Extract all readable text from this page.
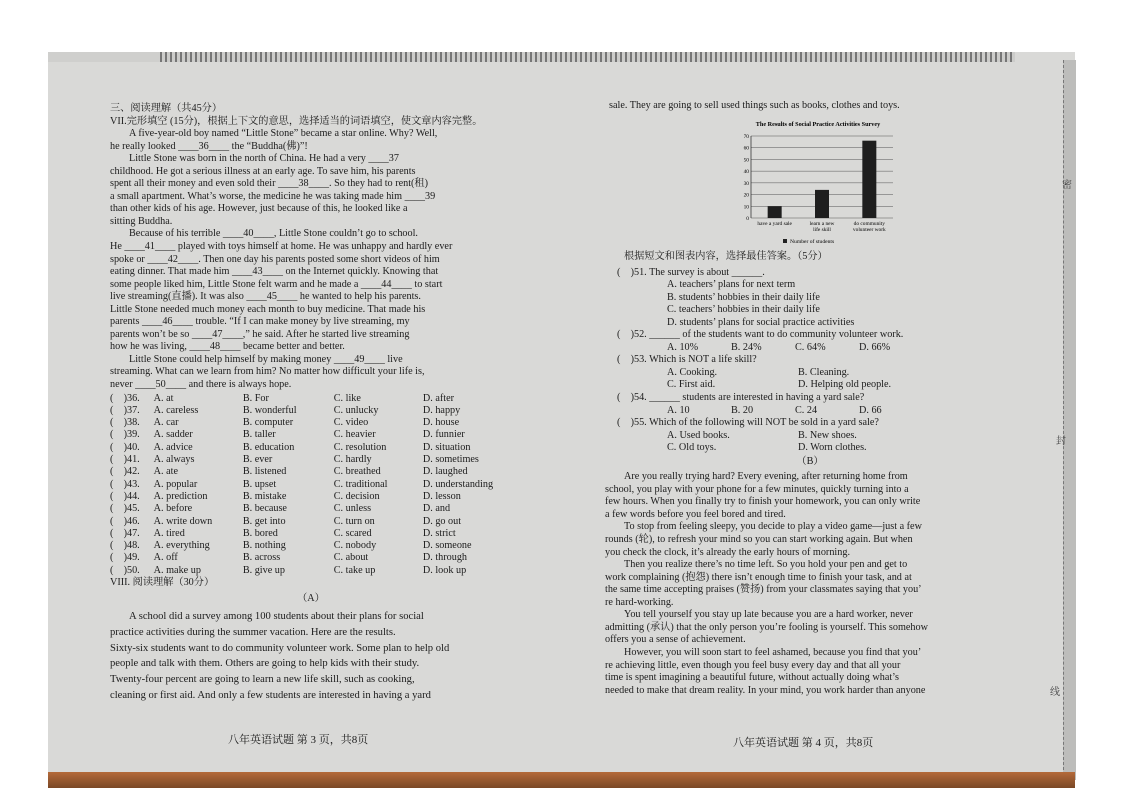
三、阅读理解（共45分）

VII.完形填空 (15分)，根据上下文的意思，选择适当的词语填空，使文章内容完整。

A five-year-old boy named “Little Stone” became a star online. Why? Well,

he really looked ____36____ the “Buddha(佛)”!

Little Stone was born in the north of China. He had a very ____37

childhood. He got a serious illness at an early age. To save him, his parents

spent all their money and even sold their ____38____. So they had to rent(租)

a small apartment. What’s worse, the medicine he was taking made him ____39

than other kids of his age. However, just because of this, he looked like a

sitting Buddha.

Because of his terrible ____40____, Little Stone couldn’t go to school.

He ____41____ played with toys himself at home. He was unhappy and hardly ever

spoke or ____42____. Then one day his parents posted some short videos of him

eating dinner. That made him ____43____ on the Internet quickly. Knowing that

some people liked him, Little Stone felt warm and he made a ____44____ to start

live streaming(直播). It was also ____45____ he wanted to help his parents.

Little Stone needed much money each month to buy medicine. That made his

parents ____46____ trouble. “If I can make money by live streaming, my

parents won’t be so ____47____,” he said. After he started live streaming

how he was living, ____48____ became better and better.

Little Stone could help himself by making money ____49____ live

streaming. What can we learn from him? No matter how difficult your life is,

never ____50____ and there is always hope.

(　)36.	A. at	B. For	C. like	D. after
(　)37.	A. careless	B. wonderful	C. unlucky	D. happy
(　)38.	A. car	B. computer	C. video	D. house
(　)39.	A. sadder	B. taller	C. heavier	D. funnier
(　)40.	A. advice	B. education	C. resolution	D. situation
(　)41.	A. always	B. ever	C. hardly	D. sometimes
(　)42.	A. ate	B. listened	C. breathed	D. laughed
(　)43.	A. popular	B. upset	C. traditional	D. understanding
(　)44.	A. prediction	B. mistake	C. decision	D. lesson
(　)45.	A. before	B. because	C. unless	D. and
(　)46.	A. write down	B. get into	C. turn on	D. go out
(　)47.	A. tired	B. bored	C. scared	D. strict
(　)48.	A. everything	B. nothing	C. nobody	D. someone
(　)49.	A. off	B. across	C. about	D. through
(　)50.	A. make up	B. give up	C. take up	D. look up

VIII. 阅读理解（30分）

（A）

A school did a survey among 100 students about their plans for social

practice activities during the summer vacation. Here are the results.

Sixty-six students want to do community volunteer work. Some plan to help old

people and talk with them. Others are going to help kids with their study.

Twenty-four percent are going to learn a new life skill, such as cooking,

cleaning or first aid. And only a few students are interested in having a yard

八年英语试题 第 3 页，共8页

sale. They are going to sell used things such as books, clothes and toys.

The Results of Social Practice Activities Survey
0
10
20
30
40
50
60
70
have a yard sale	learn a new life skill
do community volunteer work
Number of students

根据短文和图表内容，选择最佳答案。（5分）

(　)51. The survey is about ______.

A. teachers’ plans for next term

B. students’ hobbies in their daily life

C. teachers’ hobbies in their daily life

D. students’ plans for social practice activities

(　)52. ______ of the students want to do community volunteer work.

A. 10%	B. 24%	C. 64%	D. 66%

(　)53. Which is NOT a life skill?

A. Cooking.	B. Cleaning.

C. First aid.	D. Helping old people.

(　)54. ______ students are interested in having a yard sale?

A. 10	B. 20	C. 24	D. 66

(　)55. Which of the following will NOT be sold in a yard sale?

A. Used books.	B. New shoes.

C. Old toys.	D. Worn clothes.

（B）

Are you really trying hard? Every evening, after returning home from

school, you play with your phone for a few minutes, quickly turning into a

few hours. When you finally try to finish your homework, you can only write

a few words before you feel bored and tired.

To stop from feeling sleepy, you decide to play a video game—just a few

rounds (轮), to refresh your mind so you can start working again. But when

you check the clock, it’s already the early hours of morning.

Then you realize there’s no time left. So you hold your pen and get to

work complaining (抱怨) there isn’t enough time to finish your task, and at

the same time accepting praises (赞扬) from your classmates saying that you’

re hard-working.

You tell yourself you stay up late because you are a hard worker, never

admitting (承认) that the only person you’re fooling is yourself. This somehow

offers you a sense of achievement.

However, you will soon start to feel ashamed, because you find that you’

re achieving little, even though you feel busy every day and that all your

time is spent imagining a beautiful future, without actually doing what’s

needed to make that dream reality. In your mind, you work harder than anyone

八年英语试题 第 4 页，共8页
密
封
线
